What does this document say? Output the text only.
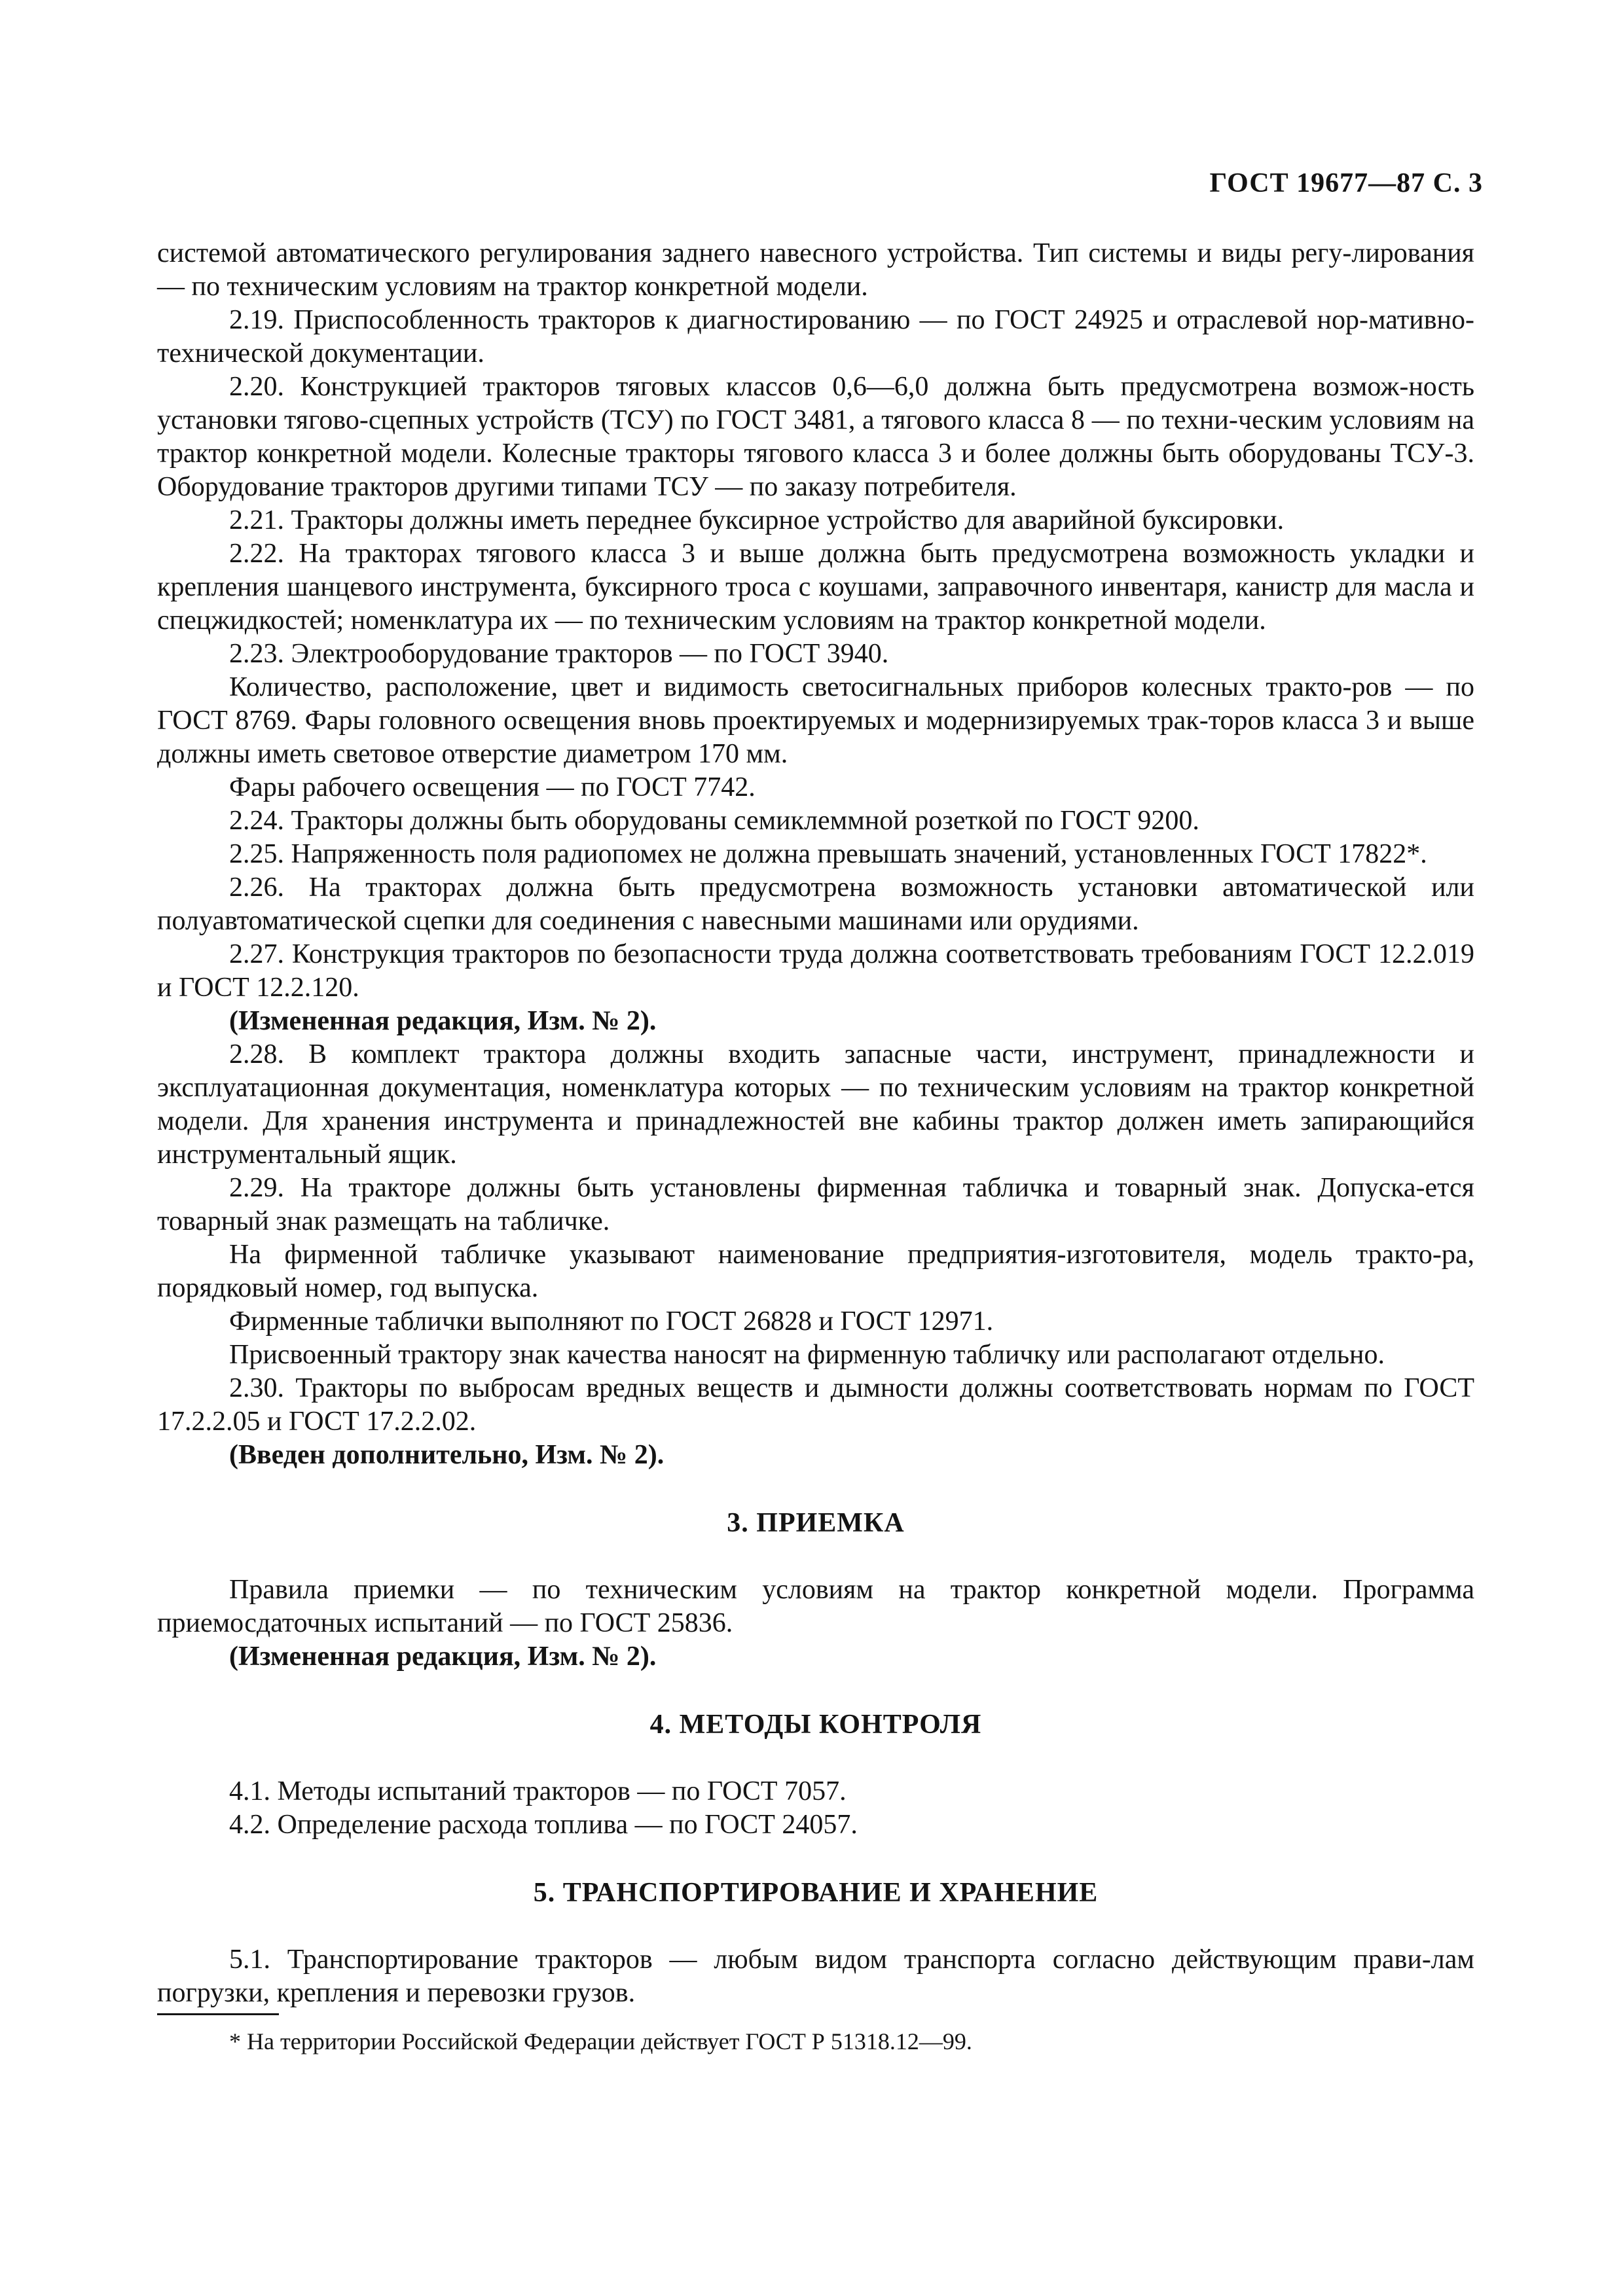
ГОСТ 19677—87 С. 3

системой автоматического регулирования заднего навесного устройства. Тип системы и виды регу-лирования — по техническим условиям на трактор конкретной модели.

2.19. Приспособленность тракторов к диагностированию — по ГОСТ 24925 и отраслевой нор-мативно-технической документации.

2.20. Конструкцией тракторов тяговых классов 0,6—6,0 должна быть предусмотрена возмож-ность установки тягово-сцепных устройств (ТСУ) по ГОСТ 3481, а тягового класса 8 — по техни-ческим условиям на трактор конкретной модели. Колесные тракторы тягового класса 3 и более должны быть оборудованы ТСУ-3. Оборудование тракторов другими типами ТСУ — по заказу потребителя.

2.21. Тракторы должны иметь переднее буксирное устройство для аварийной буксировки.

2.22. На тракторах тягового класса 3 и выше должна быть предусмотрена возможность укладки и крепления шанцевого инструмента, буксирного троса с коушами, заправочного инвентаря, канистр для масла и спецжидкостей; номенклатура их — по техническим условиям на трактор конкретной модели.

2.23. Электрооборудование тракторов — по ГОСТ 3940.

Количество, расположение, цвет и видимость светосигнальных приборов колесных тракто-ров — по ГОСТ 8769. Фары головного освещения вновь проектируемых и модернизируемых трак-торов класса 3 и выше должны иметь световое отверстие диаметром 170 мм.

Фары рабочего освещения — по ГОСТ 7742.

2.24. Тракторы должны быть оборудованы семиклеммной розеткой по ГОСТ 9200.

2.25. Напряженность поля радиопомех не должна превышать значений, установленных ГОСТ 17822*.

2.26. На тракторах должна быть предусмотрена возможность установки автоматической или полуавтоматической сцепки для соединения с навесными машинами или орудиями.

2.27. Конструкция тракторов по безопасности труда должна соответствовать требованиям ГОСТ 12.2.019 и ГОСТ 12.2.120.

(Измененная редакция, Изм. № 2).

2.28. В комплект трактора должны входить запасные части, инструмент, принадлежности и эксплуатационная документация, номенклатура которых — по техническим условиям на трактор конкретной модели. Для хранения инструмента и принадлежностей вне кабины трактор должен иметь запирающийся инструментальный ящик.

2.29. На тракторе должны быть установлены фирменная табличка и товарный знак. Допуска-ется товарный знак размещать на табличке.

На фирменной табличке указывают наименование предприятия-изготовителя, модель тракто-ра, порядковый номер, год выпуска.

Фирменные таблички выполняют по ГОСТ 26828 и ГОСТ 12971.

Присвоенный трактору знак качества наносят на фирменную табличку или располагают отдельно.

2.30. Тракторы по выбросам вредных веществ и дымности должны соответствовать нормам по ГОСТ 17.2.2.05 и ГОСТ 17.2.2.02.

(Введен дополнительно, Изм. № 2).

3. ПРИЕМКА

Правила приемки — по техническим условиям на трактор конкретной модели. Программа приемосдаточных испытаний — по ГОСТ 25836.

(Измененная редакция, Изм. № 2).

4. МЕТОДЫ КОНТРОЛЯ

4.1. Методы испытаний тракторов — по ГОСТ 7057.

4.2. Определение расхода топлива — по ГОСТ 24057.

5. ТРАНСПОРТИРОВАНИЕ И ХРАНЕНИЕ

5.1. Транспортирование тракторов — любым видом транспорта согласно действующим прави-лам погрузки, крепления и перевозки грузов.

* На территории Российской Федерации действует ГОСТ Р 51318.12—99.
